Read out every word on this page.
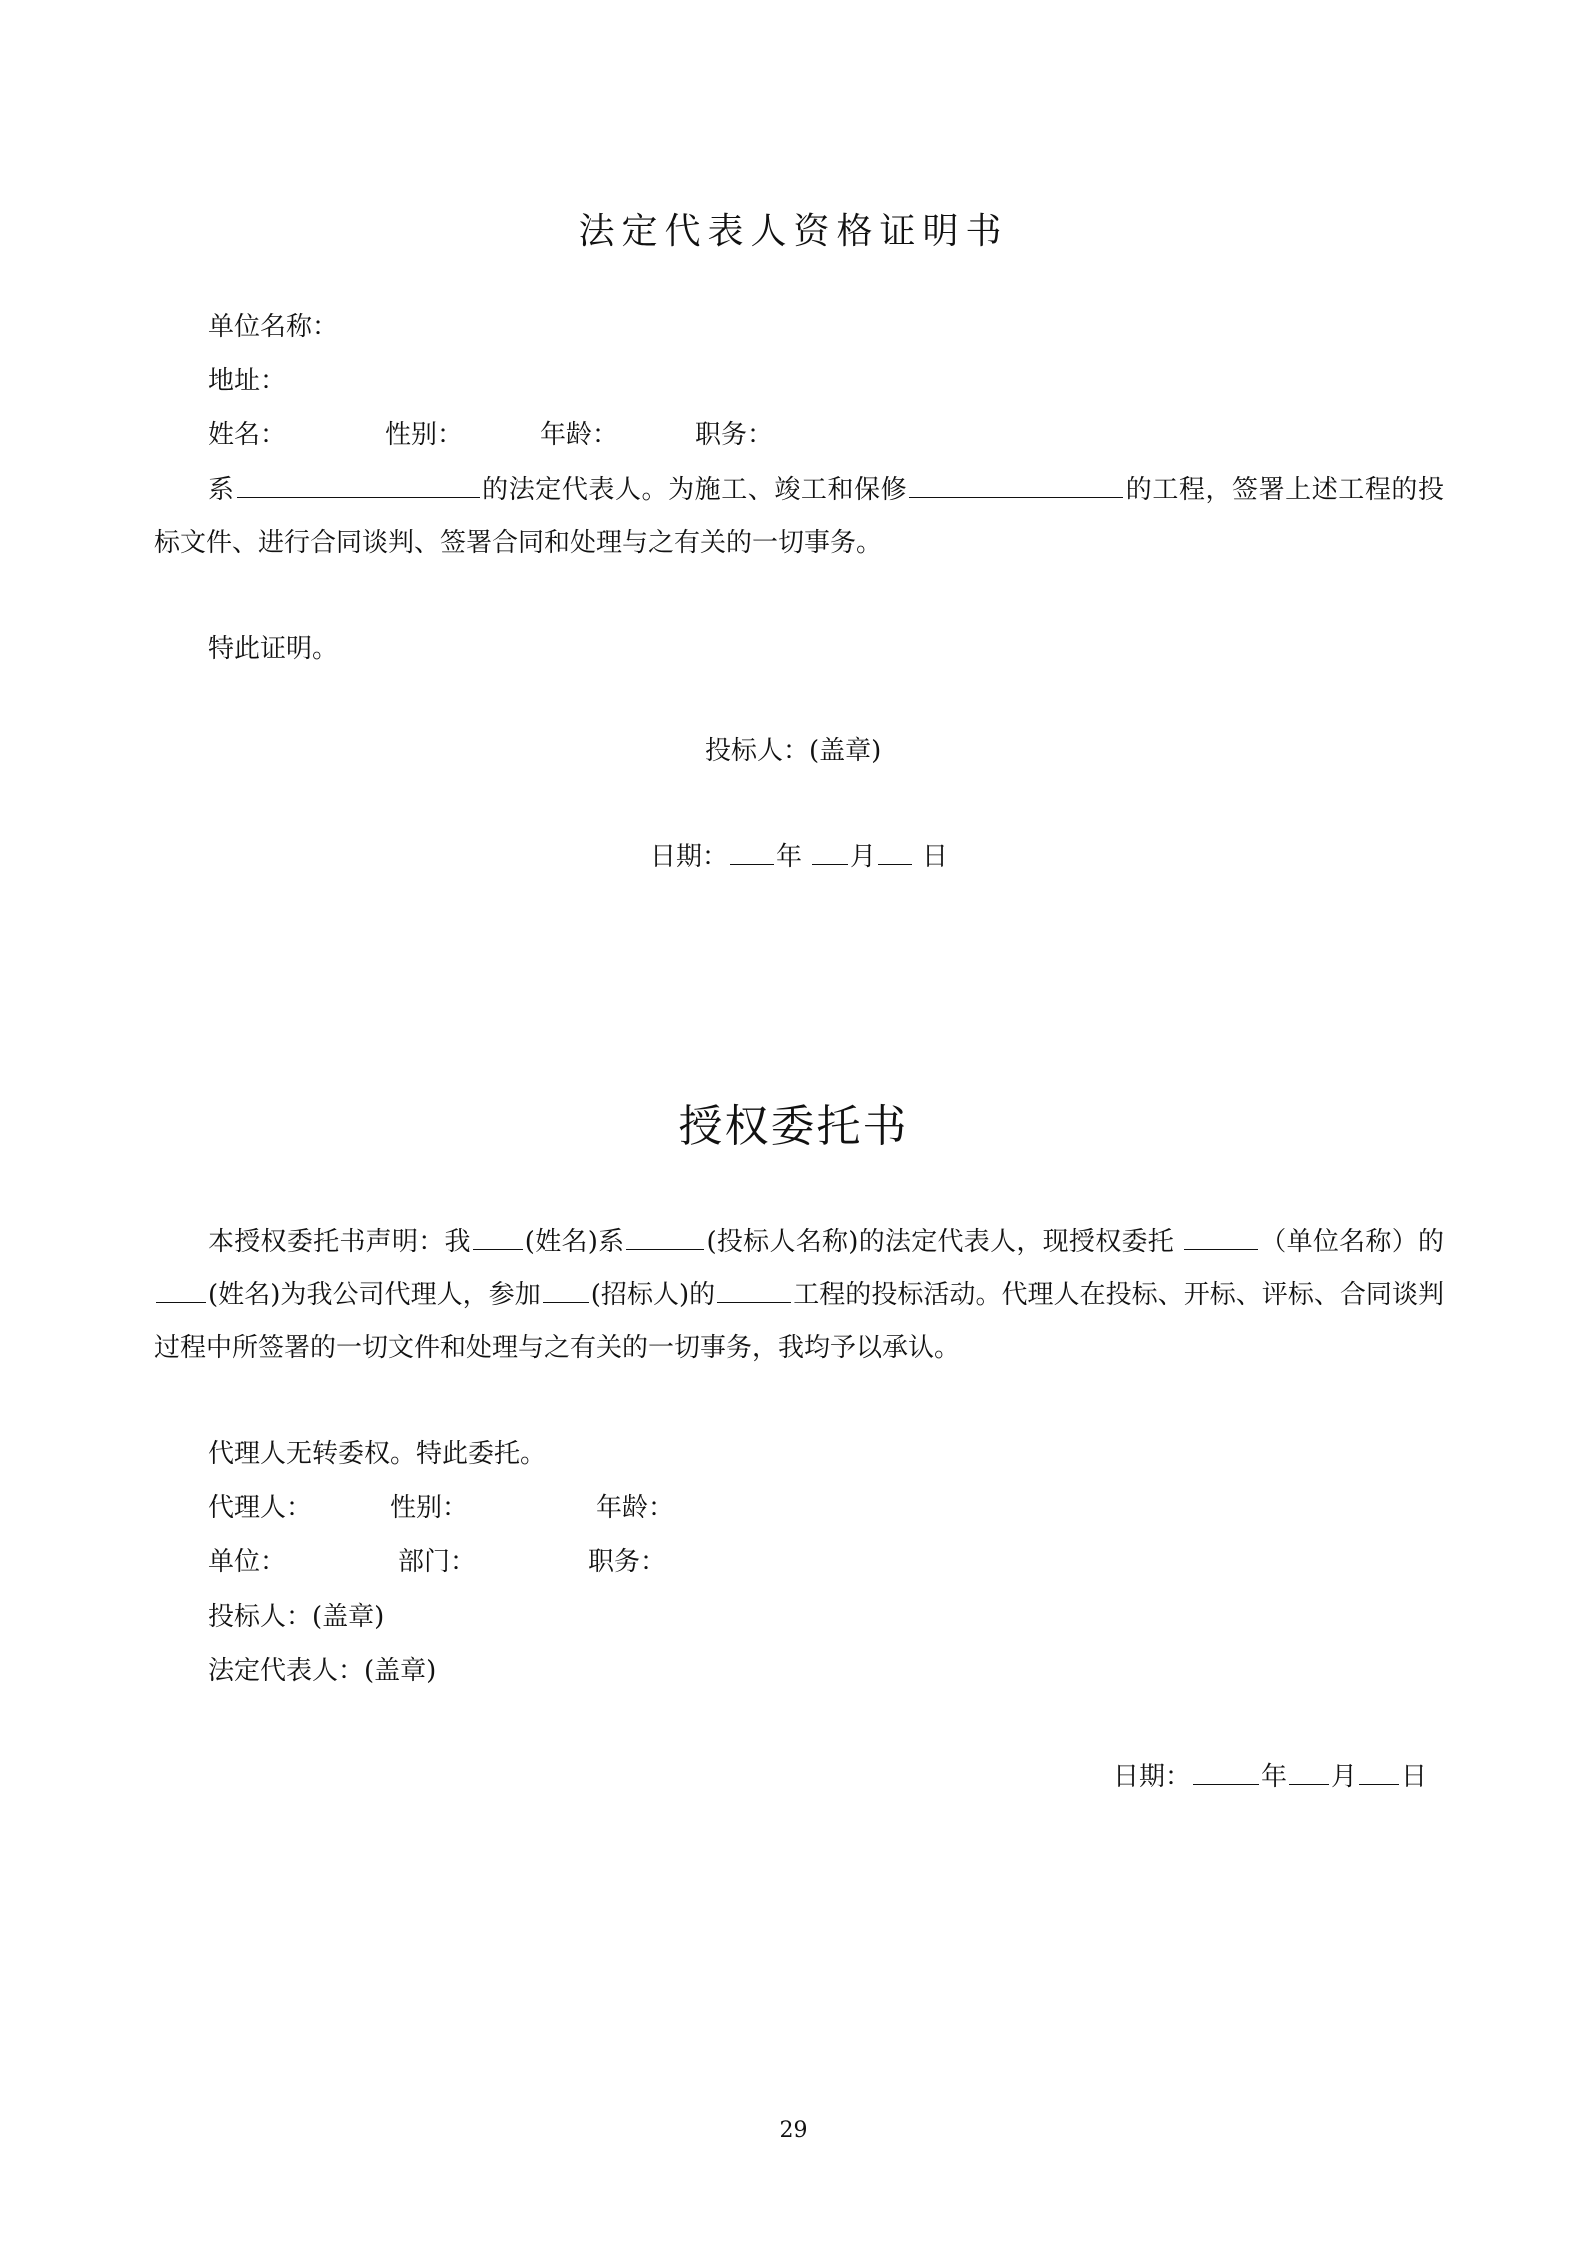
法定代表人资格证明书
单位名称：
地址：
姓名：	性别：	年龄：	职务：
系	的法定代表人。为施工、竣工和保修	的工程，签署上述工程的投标文件、进行合同谈判、签署合同和处理与之有关的一切事务。
特此证明。
投标人：(盖章)
日期： 年 月 日
授权委托书
本授权委托书声明：我 (姓名)系	(投标人名称)的法定代表人，现授权委托	（单位名称）的(姓名)为我公司代理人，参加 (招标人)的	工程的投标活动。代理人在投标、开标、评标、合同谈判过程中所签署的一切文件和处理与之有关的一切事务，我均予以承认。
代理人无转委权。特此委托。
代理人：	性别：	年龄：
单位：	部门：	职务：
投标人：(盖章)
法定代表人：(盖章)
日期：	年 月 日
29
